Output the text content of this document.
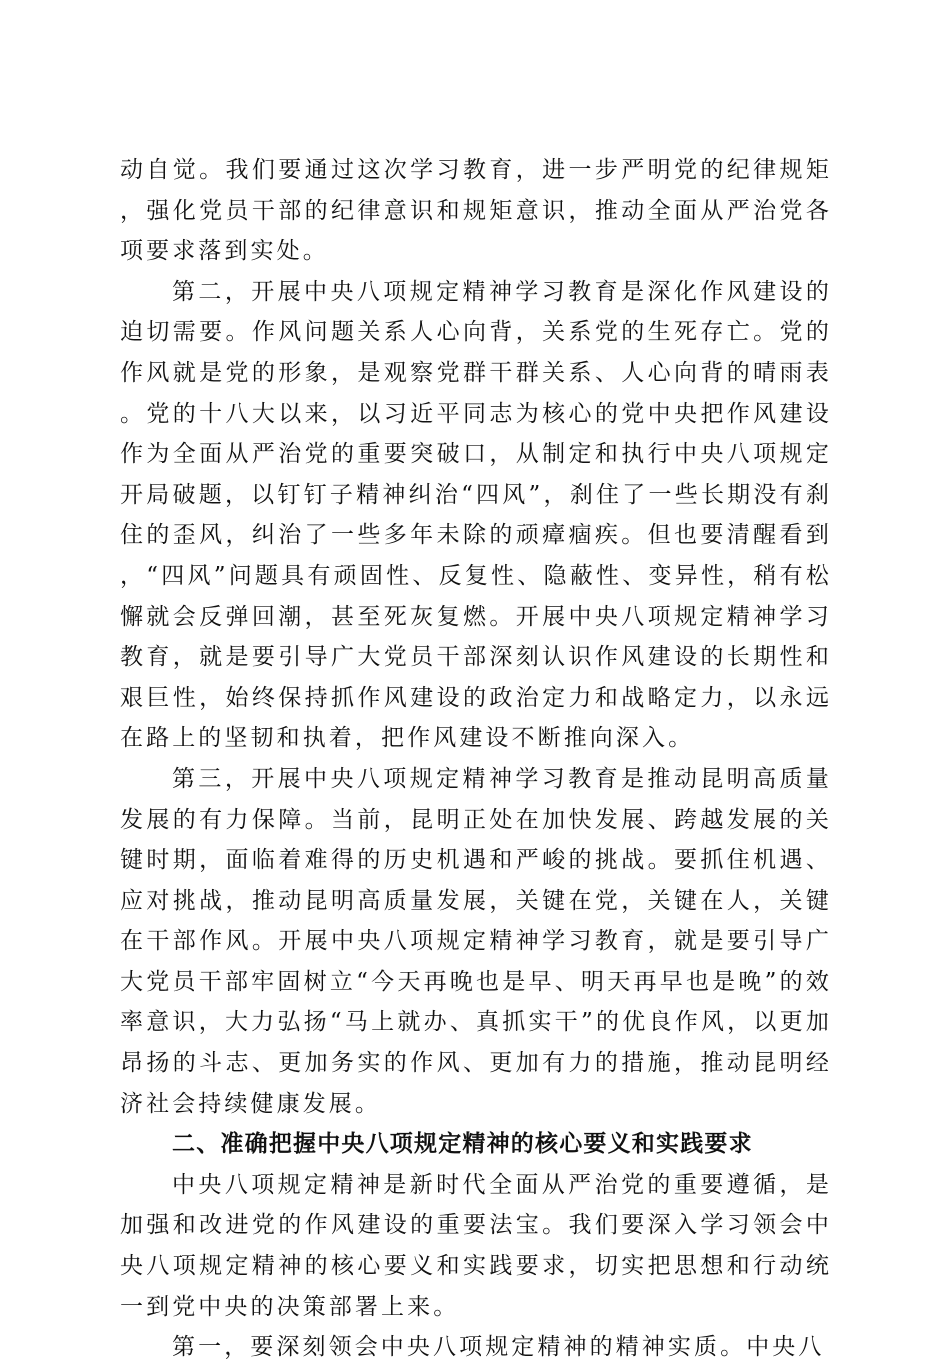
动自觉。我们要通过这次学习教育，进一步严明党的纪律规矩，强化党员干部的纪律意识和规矩意识，推动全面从严治党各项要求落到实处。

第二，开展中央八项规定精神学习教育是深化作风建设的迫切需要。作风问题关系人心向背，关系党的生死存亡。党的作风就是党的形象，是观察党群干群关系、人心向背的晴雨表。党的十八大以来，以习近平同志为核心的党中央把作风建设作为全面从严治党的重要突破口，从制定和执行中央八项规定开局破题，以钉钉子精神纠治“四风”，刹住了一些长期没有刹住的歪风，纠治了一些多年未除的顽瘴痼疾。但也要清醒看到，“四风”问题具有顽固性、反复性、隐蔽性、变异性，稍有松懈就会反弹回潮，甚至死灰复燃。开展中央八项规定精神学习教育，就是要引导广大党员干部深刻认识作风建设的长期性和艰巨性，始终保持抓作风建设的政治定力和战略定力，以永远在路上的坚韧和执着，把作风建设不断推向深入。

第三，开展中央八项规定精神学习教育是推动昆明高质量发展的有力保障。当前，昆明正处在加快发展、跨越发展的关键时期，面临着难得的历史机遇和严峻的挑战。要抓住机遇、应对挑战，推动昆明高质量发展，关键在党，关键在人，关键在干部作风。开展中央八项规定精神学习教育，就是要引导广大党员干部牢固树立“今天再晚也是早、明天再早也是晚”的效率意识，大力弘扬“马上就办、真抓实干”的优良作风，以更加昂扬的斗志、更加务实的作风、更加有力的措施，推动昆明经济社会持续健康发展。

二、准确把握中央八项规定精神的核心要义和实践要求

中央八项规定精神是新时代全面从严治党的重要遵循，是加强和改进党的作风建设的重要法宝。我们要深入学习领会中央八项规定精神的核心要义和实践要求，切实把思想和行动统一到党中央的决策部署上来。

第一，要深刻领会中央八项规定精神的精神实质。中央八
